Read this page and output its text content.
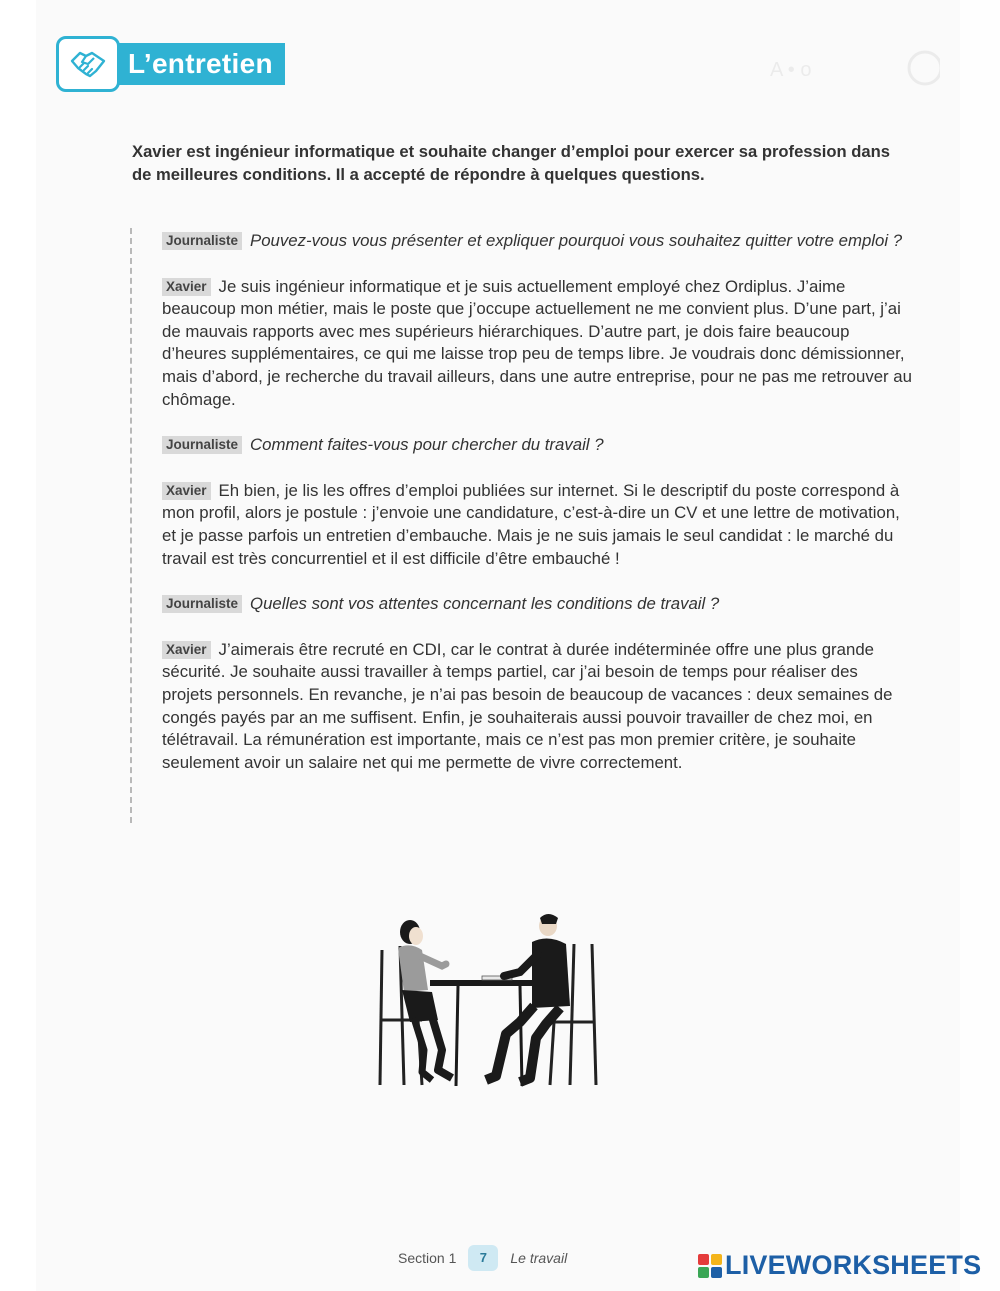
A • o
L’entretien
Xavier est ingénieur informatique et souhaite changer d’emploi pour exercer sa profession dans de meilleures conditions. Il a accepté de répondre à quelques questions.
Journaliste Pouvez-vous vous présenter et expliquer pourquoi vous souhaitez quitter votre emploi ?
Xavier Je suis ingénieur informatique et je suis actuellement employé chez Ordiplus. J’aime beaucoup mon métier, mais le poste que j’occupe actuellement ne me convient plus. D’une part, j’ai de mauvais rapports avec mes supérieurs hiérarchiques. D’autre part, je dois faire beaucoup d’heures supplémentaires, ce qui me laisse trop peu de temps libre. Je voudrais donc démissionner, mais d’abord, je recherche du travail ailleurs, dans une autre entreprise, pour ne pas me retrouver au chômage.
Journaliste Comment faites-vous pour chercher du travail ?
Xavier Eh bien, je lis les offres d’emploi publiées sur internet. Si le descriptif du poste correspond à mon profil, alors je postule : j’envoie une candidature, c’est-à-dire un CV et une lettre de motivation, et je passe parfois un entretien d’embauche. Mais je ne suis jamais le seul candidat : le marché du travail est très concurrentiel et il est difficile d’être embauché !
Journaliste Quelles sont vos attentes concernant les conditions de travail ?
Xavier J’aimerais être recruté en CDI, car le contrat à durée indéterminée offre une plus grande sécurité. Je souhaite aussi travailler à temps partiel, car j’ai besoin de temps pour réaliser des projets personnels. En revanche, je n’ai pas besoin de beaucoup de vacances : deux semaines de congés payés par an me suffisent. Enfin, je souhaiterais aussi pouvoir travailler de chez moi, en télétravail. La rémunération est importante, mais ce n’est pas mon premier critère, je souhaite seulement avoir un salaire net qui me permette de vivre correctement.
Section 1	7	Le travail	LIVEWORKSHEETS
